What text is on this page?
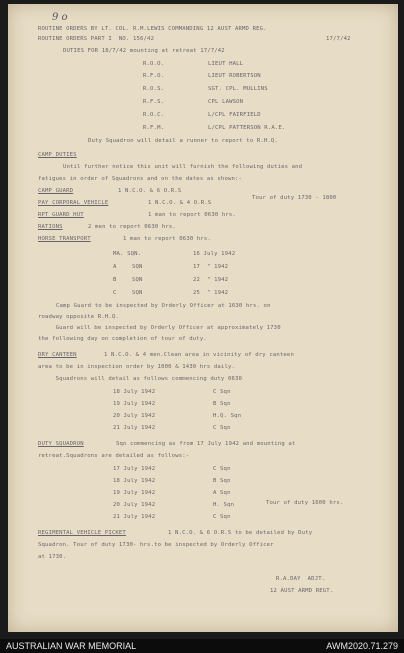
9 o
ROUTINE ORDERS BY LT. COL. R.M.LEWIS COMMANDING 12 AUST ARMD REG.
ROUTINE ORDERS PART I  NO. 156/42	17/7/42
DUTIES FOR 18/7/42 mounting at retreat 17/7/42
R.O.O.	LIEUT HALL
R.F.O.	LIEUT ROBERTSON
R.O.S.	SGT. CPL. MULLINS
R.F.S.	CPL LAWSON
R.O.C.	L/CPL FAIRFIELD
R.F.M.	L/CPL PATTERSON R.A.E.
Duty Squadron will detail a runner to report to R.H.Q.
CAMP DUTIES
Until further notice this unit will furnish the following duties and
fatigues in order of Squadrons and on the dates as shown:-
CAMP GUARD	1 N.C.O. & 6 O.R.S
PAY CORPORAL VEHICLE	1 N.C.O. & 4 O.R.S
Tour of duty 1730 - 1800
RPT GUARD HUT	1 man to report 0630 hrs.
RATIONS	2 men to report 0630 hrs.
HORSE TRANSPORT	1 man to report 0630 hrs.
MA. SQN.	16 July 1942
A	SQN	17  " 1942
B	SQN	22  " 1942
C	SQN	25  " 1942
Camp Guard to be inspected by Orderly Officer at 1630 hrs. on
roadway opposite R.H.Q.
Guard will be inspected by Orderly Officer at approximately 1730
the following day on completion of tour of duty.
DRY CANTEEN	1 N.C.O. & 4 men.Clean area in vicinity of dry canteen
area to be in inspection order by 1000 & 1430 hrs daily.
Squadrons will detail as follows commencing duty 0630
18 July 1942	C Sqn
19 July 1942	B Sqn
20 July 1942	H.Q. Sqn
21 July 1942	C Sqn
DUTY SQUADRON	Sqn commencing as from 17 July 1942 and mounting at
retreat.Squadrons are detailed as follows:-
17 July 1942	C Sqn
18 July 1942	B Sqn
19 July 1942	A Sqn
20 July 1942	H. Sqn
21 July 1942	C Sqn
Tour of duty 1600 hrs.
REGIMENTAL VEHICLE PICKET	1 N.C.O. & 6 O.R.S to be detailed by Duty
Squadron. Tour of duty 1730- hrs.to be inspected by Orderly Officer
at 1730.
R.A.DAY  ADJT.
12 AUST ARMD REGT.
AUSTRALIAN WAR MEMORIAL	AWM2020.71.279
